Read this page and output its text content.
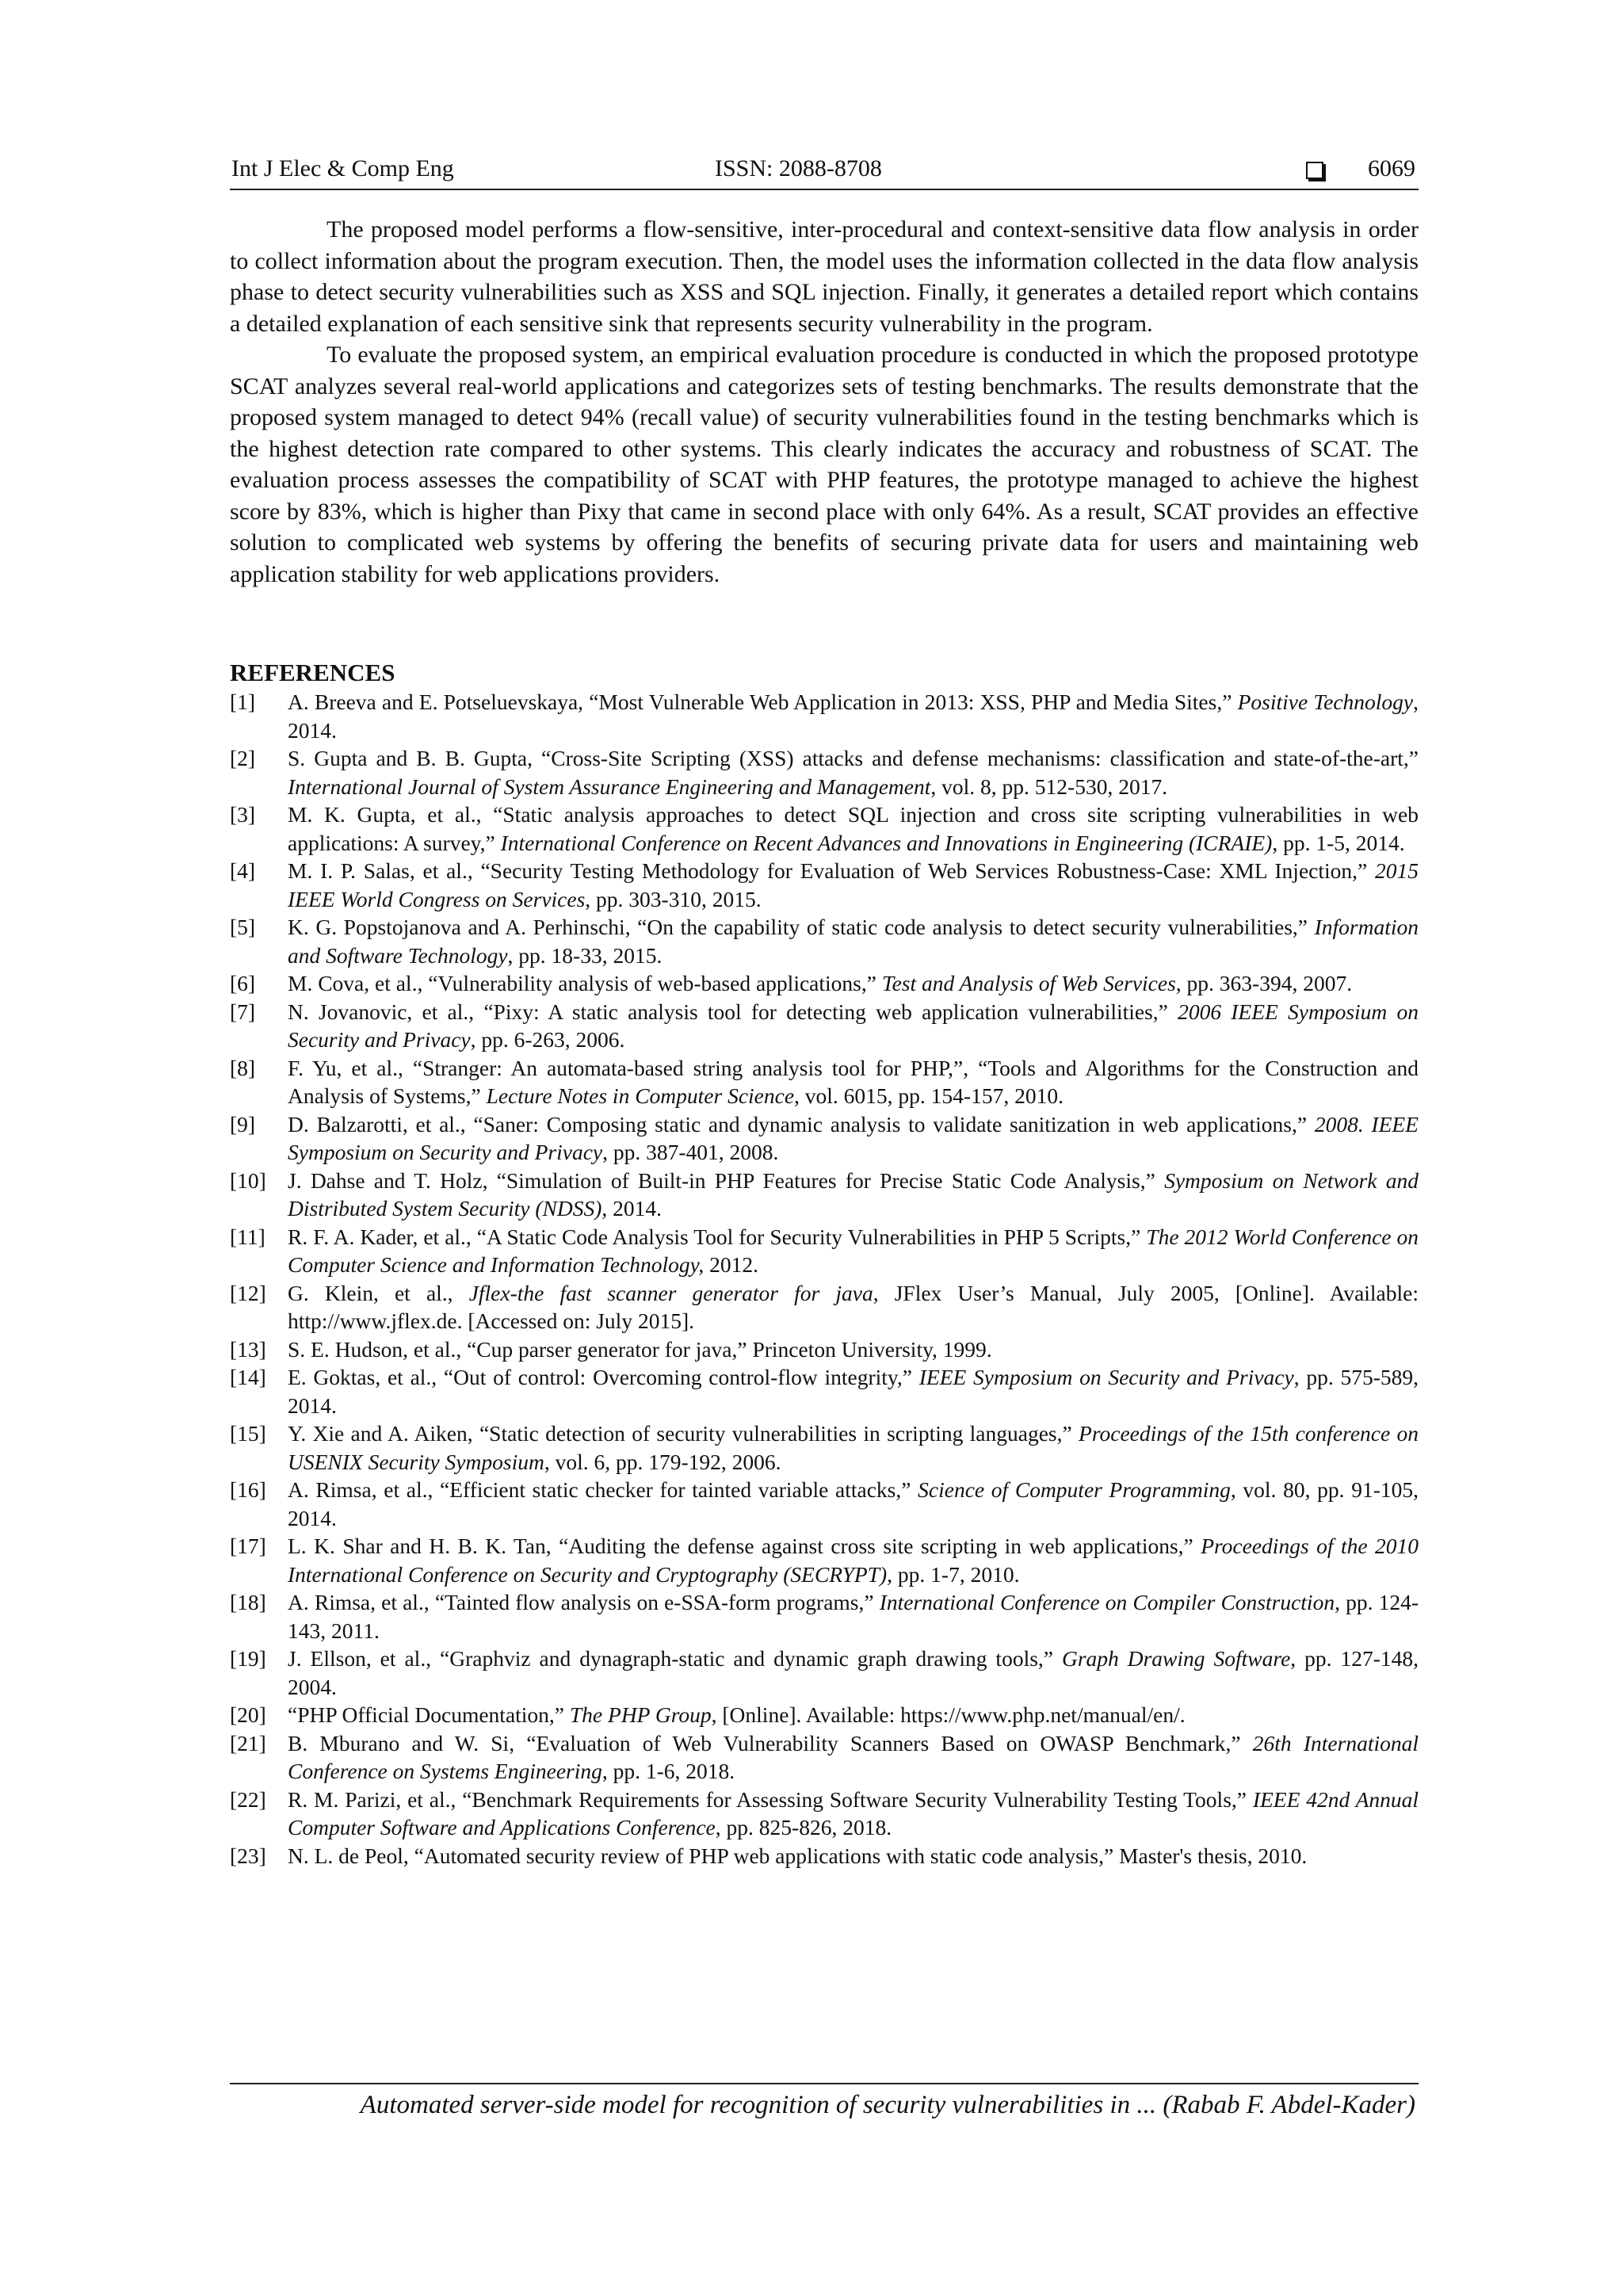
Int J Elec & Comp Eng	ISSN: 2088-8708	6069

The proposed model performs a flow-sensitive, inter-procedural and context-sensitive data flow analysis in order to collect information about the program execution. Then, the model uses the information collected in the data flow analysis phase to detect security vulnerabilities such as XSS and SQL injection. Finally, it generates a detailed report which contains a detailed explanation of each sensitive sink that represents security vulnerability in the program.

To evaluate the proposed system, an empirical evaluation procedure is conducted in which the proposed prototype SCAT analyzes several real-world applications and categorizes sets of testing benchmarks. The results demonstrate that the proposed system managed to detect 94% (recall value) of security vulnerabilities found in the testing benchmarks which is the highest detection rate compared to other systems. This clearly indicates the accuracy and robustness of SCAT. The evaluation process assesses the compatibility of SCAT with PHP features, the prototype managed to achieve the highest score by 83%, which is higher than Pixy that came in second place with only 64%. As a result, SCAT provides an effective solution to complicated web systems by offering the benefits of securing private data for users and maintaining web application stability for web applications providers.

REFERENCES
[1] A. Breeva and E. Potseluevskaya, “Most Vulnerable Web Application in 2013: XSS, PHP and Media Sites,” Positive Technology, 2014.
[2] S. Gupta and B. B. Gupta, “Cross-Site Scripting (XSS) attacks and defense mechanisms: classification and state-of-the-art,” International Journal of System Assurance Engineering and Management, vol. 8, pp. 512-530, 2017.
[3] M. K. Gupta, et al., “Static analysis approaches to detect SQL injection and cross site scripting vulnerabilities in web applications: A survey,” International Conference on Recent Advances and Innovations in Engineering (ICRAIE), pp. 1-5, 2014.
[4] M. I. P. Salas, et al., “Security Testing Methodology for Evaluation of Web Services Robustness-Case: XML Injection,” 2015 IEEE World Congress on Services, pp. 303-310, 2015.
[5] K. G. Popstojanova and A. Perhinschi, “On the capability of static code analysis to detect security vulnerabilities,” Information and Software Technology, pp. 18-33, 2015.
[6] M. Cova, et al., “Vulnerability analysis of web-based applications,” Test and Analysis of Web Services, pp. 363-394, 2007.
[7] N. Jovanovic, et al., “Pixy: A static analysis tool for detecting web application vulnerabilities,” 2006 IEEE Symposium on Security and Privacy, pp. 6-263, 2006.
[8] F. Yu, et al., “Stranger: An automata-based string analysis tool for PHP,”, “Tools and Algorithms for the Construction and Analysis of Systems,” Lecture Notes in Computer Science, vol. 6015, pp. 154-157, 2010.
[9] D. Balzarotti, et al., “Saner: Composing static and dynamic analysis to validate sanitization in web applications,” 2008. IEEE Symposium on Security and Privacy, pp. 387-401, 2008.
[10] J. Dahse and T. Holz, “Simulation of Built-in PHP Features for Precise Static Code Analysis,” Symposium on Network and Distributed System Security (NDSS), 2014.
[11] R. F. A. Kader, et al., “A Static Code Analysis Tool for Security Vulnerabilities in PHP 5 Scripts,” The 2012 World Conference on Computer Science and Information Technology, 2012.
[12] G. Klein, et al., Jflex-the fast scanner generator for java, JFlex User’s Manual, July 2005, [Online]. Available: http://www.jflex.de. [Accessed on: July 2015].
[13] S. E. Hudson, et al., “Cup parser generator for java,” Princeton University, 1999.
[14] E. Goktas, et al., “Out of control: Overcoming control-flow integrity,” IEEE Symposium on Security and Privacy, pp. 575-589, 2014.
[15] Y. Xie and A. Aiken, “Static detection of security vulnerabilities in scripting languages,” Proceedings of the 15th conference on USENIX Security Symposium, vol. 6, pp. 179-192, 2006.
[16] A. Rimsa, et al., “Efficient static checker for tainted variable attacks,” Science of Computer Programming, vol. 80, pp. 91-105, 2014.
[17] L. K. Shar and H. B. K. Tan, “Auditing the defense against cross site scripting in web applications,” Proceedings of the 2010 International Conference on Security and Cryptography (SECRYPT), pp. 1-7, 2010.
[18] A. Rimsa, et al., “Tainted flow analysis on e-SSA-form programs,” International Conference on Compiler Construction, pp. 124-143, 2011.
[19] J. Ellson, et al., “Graphviz and dynagraph-static and dynamic graph drawing tools,” Graph Drawing Software, pp. 127-148, 2004.
[20] “PHP Official Documentation,” The PHP Group, [Online]. Available: https://www.php.net/manual/en/.
[21] B. Mburano and W. Si, “Evaluation of Web Vulnerability Scanners Based on OWASP Benchmark,” 26th International Conference on Systems Engineering, pp. 1-6, 2018.
[22] R. M. Parizi, et al., “Benchmark Requirements for Assessing Software Security Vulnerability Testing Tools,” IEEE 42nd Annual Computer Software and Applications Conference, pp. 825-826, 2018.
[23] N. L. de Peol, “Automated security review of PHP web applications with static code analysis,” Master's thesis, 2010.
Automated server-side model for recognition of security vulnerabilities in ... (Rabab F. Abdel-Kader)
